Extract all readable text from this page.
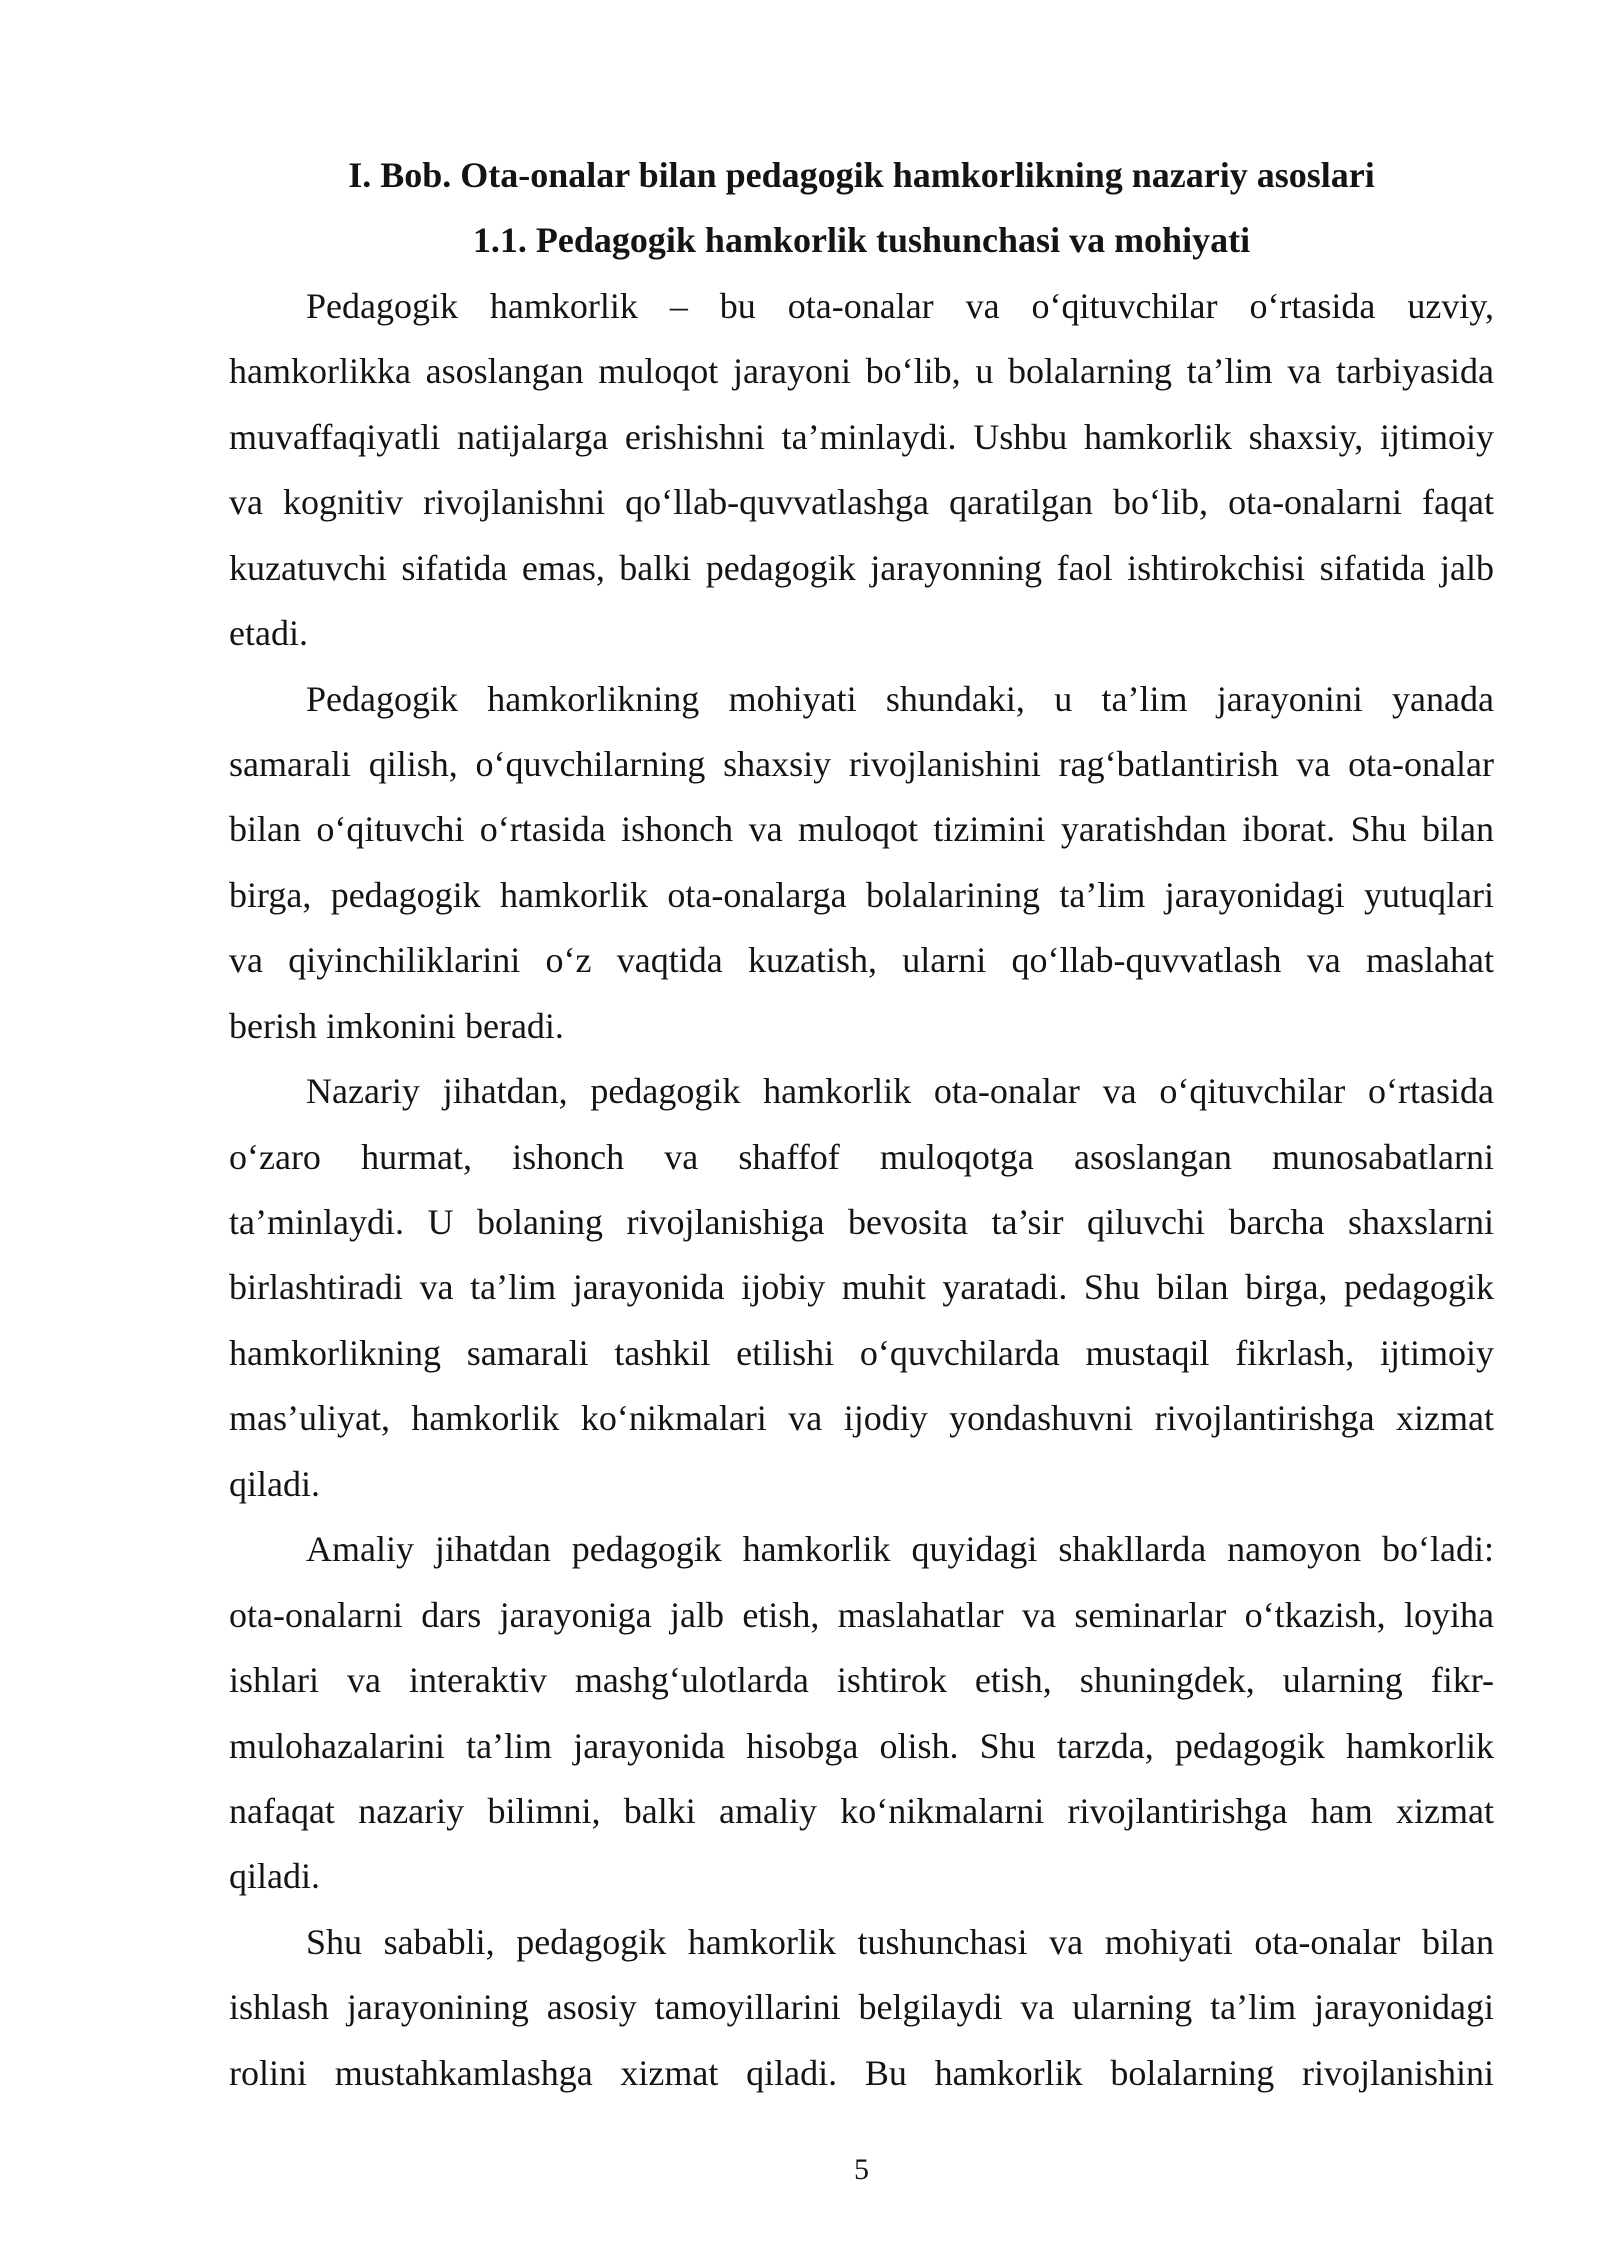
I. Bob. Ota-onalar bilan pedagogik hamkorlikning nazariy asoslari
1.1. Pedagogik hamkorlik tushunchasi va mohiyati
Pedagogik hamkorlik – bu ota-onalar va o‘qituvchilar o‘rtasida uzviy,
hamkorlikka asoslangan muloqot jarayoni bo‘lib, u bolalarning ta’lim va tarbiyasida
muvaffaqiyatli natijalarga erishishni ta’minlaydi. Ushbu hamkorlik shaxsiy, ijtimoiy
va kognitiv rivojlanishni qo‘llab-quvvatlashga qaratilgan bo‘lib, ota-onalarni faqat
kuzatuvchi sifatida emas, balki pedagogik jarayonning faol ishtirokchisi sifatida jalb
etadi.
Pedagogik hamkorlikning mohiyati shundaki, u ta’lim jarayonini yanada
samarali qilish, o‘quvchilarning shaxsiy rivojlanishini rag‘batlantirish va ota-onalar
bilan o‘qituvchi o‘rtasida ishonch va muloqot tizimini yaratishdan iborat. Shu bilan
birga, pedagogik hamkorlik ota-onalarga bolalarining ta’lim jarayonidagi yutuqlari
va qiyinchiliklarini o‘z vaqtida kuzatish, ularni qo‘llab-quvvatlash va maslahat
berish imkonini beradi.
Nazariy jihatdan, pedagogik hamkorlik ota-onalar va o‘qituvchilar o‘rtasida
o‘zaro hurmat, ishonch va shaffof muloqotga asoslangan munosabatlarni
ta’minlaydi. U bolaning rivojlanishiga bevosita ta’sir qiluvchi barcha shaxslarni
birlashtiradi va ta’lim jarayonida ijobiy muhit yaratadi. Shu bilan birga, pedagogik
hamkorlikning samarali tashkil etilishi o‘quvchilarda mustaqil fikrlash, ijtimoiy
mas’uliyat, hamkorlik ko‘nikmalari va ijodiy yondashuvni rivojlantirishga xizmat
qiladi.
Amaliy jihatdan pedagogik hamkorlik quyidagi shakllarda namoyon bo‘ladi:
ota-onalarni dars jarayoniga jalb etish, maslahatlar va seminarlar o‘tkazish, loyiha
ishlari va interaktiv mashg‘ulotlarda ishtirok etish, shuningdek, ularning fikr-
mulohazalarini ta’lim jarayonida hisobga olish. Shu tarzda, pedagogik hamkorlik
nafaqat nazariy bilimni, balki amaliy ko‘nikmalarni rivojlantirishga ham xizmat
qiladi.
Shu sababli, pedagogik hamkorlik tushunchasi va mohiyati ota-onalar bilan
ishlash jarayonining asosiy tamoyillarini belgilaydi va ularning ta’lim jarayonidagi
rolini mustahkamlashga xizmat qiladi. Bu hamkorlik bolalarning rivojlanishini
5
